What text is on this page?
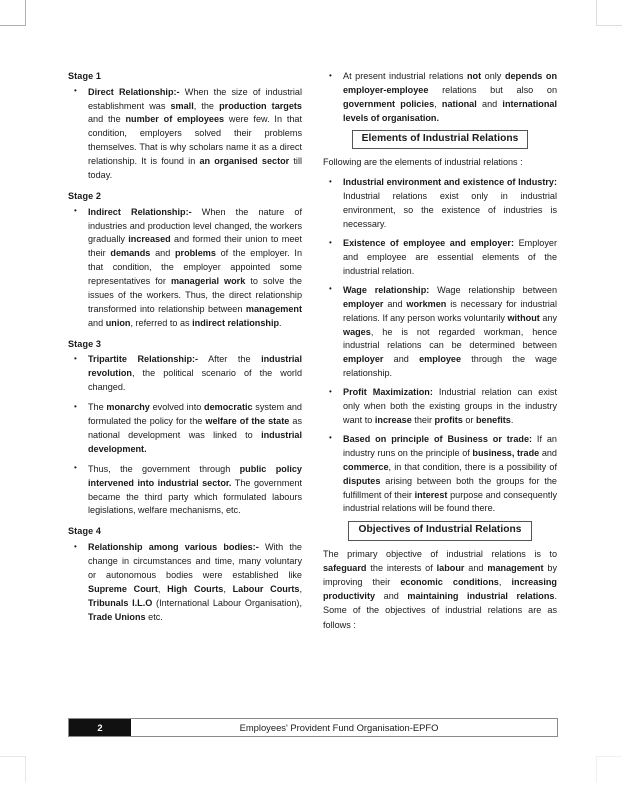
Stage 1
• Direct Relationship:- When the size of industrial establishment was small, the production targets and the number of employees were few. In that condition, employers solved their problems themselves. That is why scholars name it as a direct relationship. It is found in an organised sector till today.
Stage 2
• Indirect Relationship:- When the nature of industries and production level changed, the workers gradually increased and formed their union to meet their demands and problems of the employer. In that condition, the employer appointed some representatives for managerial work to solve the issues of the workers. Thus, the direct relationship transformed into relationship between management and union, referred to as indirect relationship.
Stage 3
• Tripartite Relationship:- After the industrial revolution, the political scenario of the world changed.
• The monarchy evolved into democratic system and formulated the policy for the welfare of the state as national development was linked to industrial development.
• Thus, the government through public policy intervened into industrial sector. The government became the third party which formulated labours legislations, welfare mechanisms, etc.
Stage 4
• Relationship among various bodies:- With the change in circumstances and time, many voluntary or autonomous bodies were established like Supreme Court, High Courts, Labour Courts, Tribunals I.L.O (International Labour Organisation), Trade Unions etc.
• At present industrial relations not only depends on employer-employee relations but also on government policies, national and international levels of organisation.
Elements of Industrial Relations

Following are the elements of industrial relations :

• Industrial environment and existence of Industry: Industrial relations exist only in industrial environment, so the existence of industries is necessary.
• Existence of employee and employer: Employer and employee are essential elements of the industrial relation.
• Wage relationship: Wage relationship between employer and workmen is necessary for industrial relations. If any person works voluntarily without any wages, he is not regarded workman, hence industrial relations can be determined between employer and employee through the wage relationship.
• Profit Maximization: Industrial relation can exist only when both the existing groups in the industry want to increase their profits or benefits.
• Based on principle of Business or trade: If an industry runs on the principle of business, trade and commerce, in that condition, there is a possibility of disputes arising between both the groups for the fulfillment of their interest purpose and consequently industrial relations will be found there.
Objectives of Industrial Relations

The primary objective of industrial relations is to safeguard the interests of labour and management by improving their economic conditions, increasing productivity and maintaining industrial relations. Some of the objectives of industrial relations are as follows :

2	Employees' Provident Fund Organisation-EPFO
